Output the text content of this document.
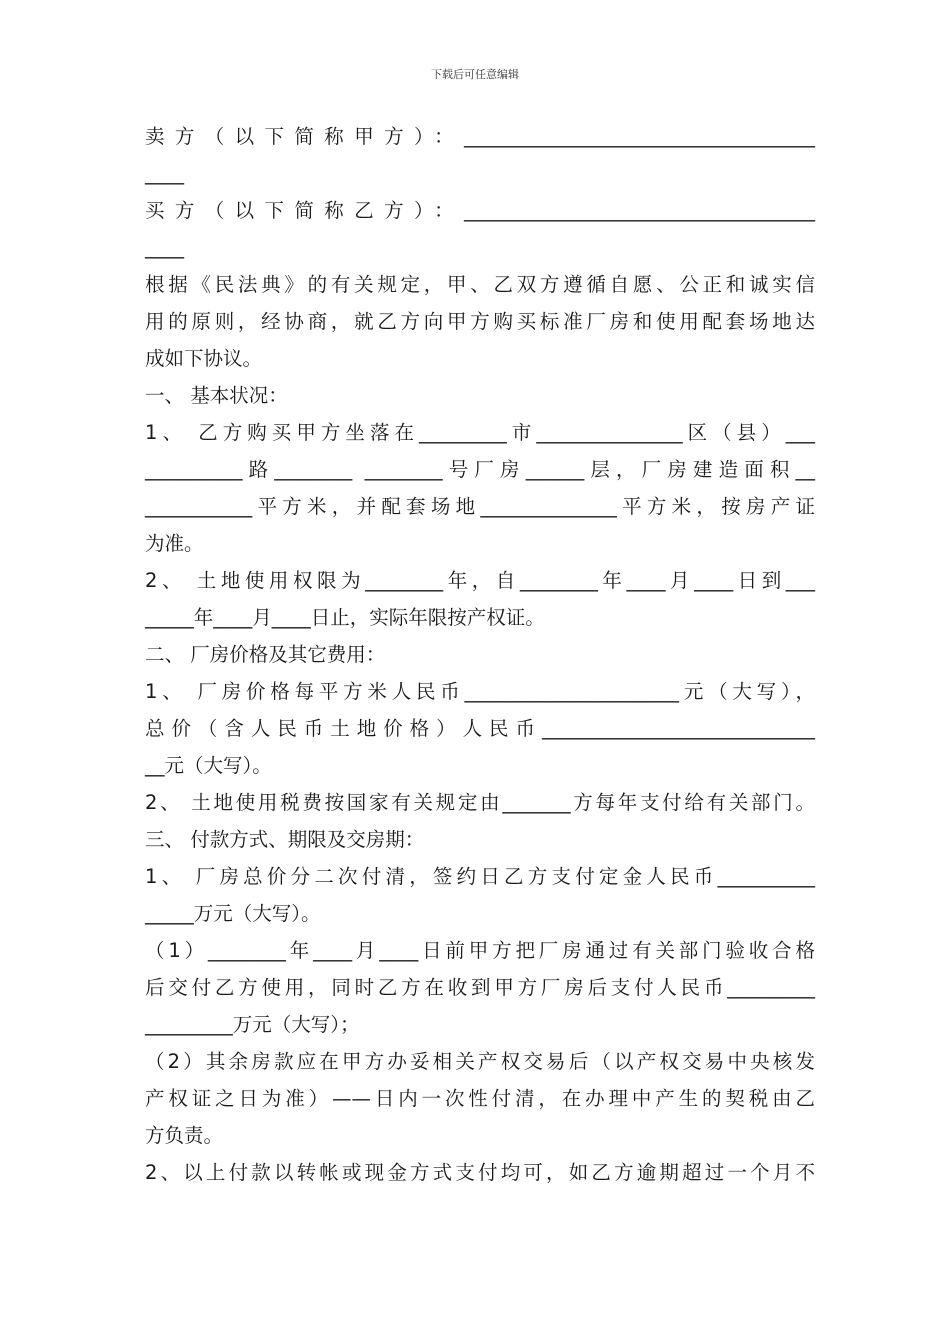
下载后可任意编辑
卖方（以下简称甲方）：____________________________________
____
买方（以下简称乙方）：____________________________________
____
根据《民法典》的有关规定，甲、乙双方遵循自愿、公正和诚实信
用的原则，经协商，就乙方向甲方购买标准厂房和使用配套场地达
成如下协议。
一、 基本状况：
1、 乙方购买甲方坐落在_________市_______________区（县）___
__________路________ ________号厂房______层，厂房建造面积__
___________平方米，并配套场地______________平方米，按房产证
为准。
2、 土地使用权限为________年，自________年____月____日到___
_____年____月____日止，实际年限按产权证。
二、 厂房价格及其它费用：
1、 厂房价格每平方米人民币______________________元（大写），
总价（含人民币土地价格）人民币____________________________
__元（大写）。
2、 土地使用税费按国家有关规定由_______方每年支付给有关部门。
三、 付款方式、期限及交房期：
1、 厂房总价分二次付清，签约日乙方支付定金人民币__________
_____万元（大写）。
（1）________年____月____日前甲方把厂房通过有关部门验收合格
后交付乙方使用，同时乙方在收到甲方厂房后支付人民币_________
_________万元（大写）；
（2）其余房款应在甲方办妥相关产权交易后（以产权交易中央核发
产权证之日为准）——日内一次性付清，在办理中产生的契税由乙
方负责。
2、以上付款以转帐或现金方式支付均可，如乙方逾期超过一个月不
